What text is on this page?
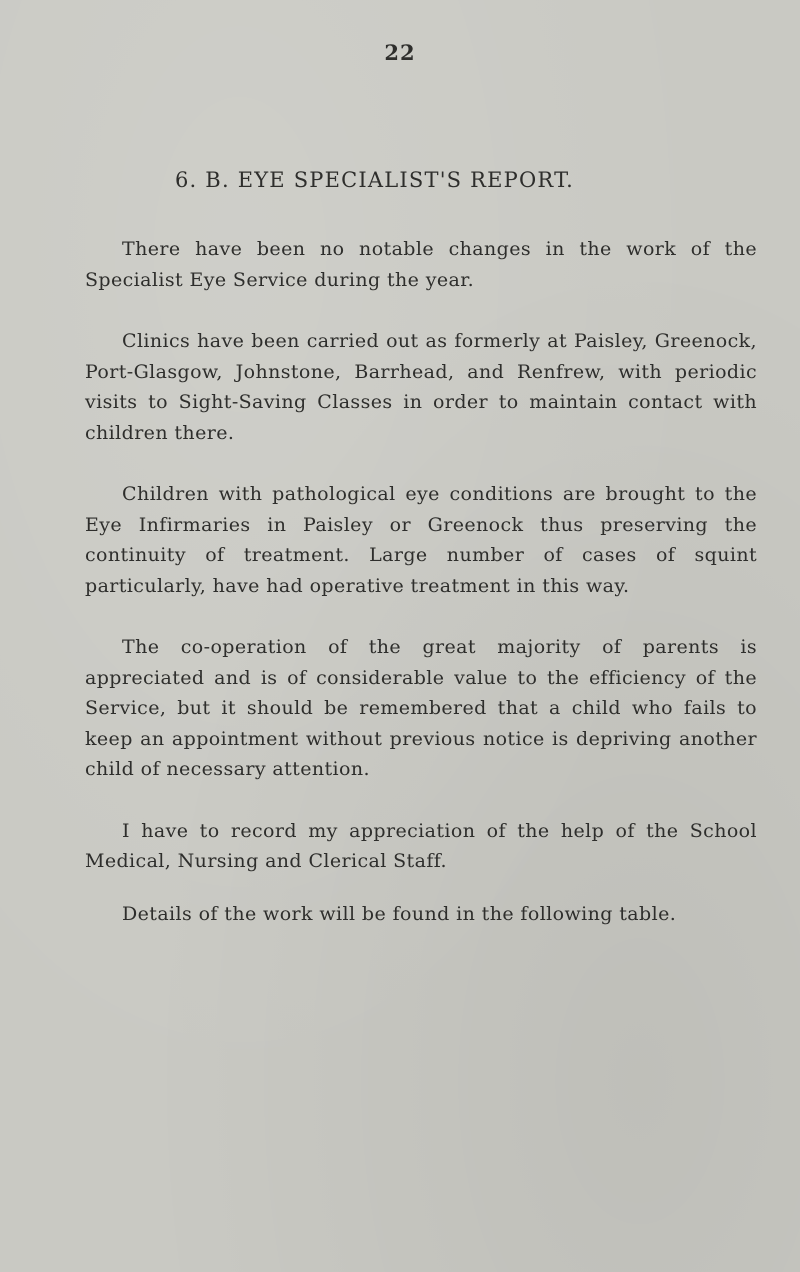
22
6. B. EYE SPECIALIST'S REPORT.

There have been no notable changes in the work of the Specialist Eye Service during the year.

Clinics have been carried out as formerly at Paisley, Greenock, Port-Glasgow, Johnstone, Barrhead, and Renfrew, with periodic visits to Sight-Saving Classes in order to maintain contact with children there.

Children with pathological eye conditions are brought to the Eye Infirmaries in Paisley or Greenock thus preserving the continuity of treatment. Large number of cases of squint particularly, have had operative treatment in this way.

The co-operation of the great majority of parents is appreciated and is of considerable value to the efficiency of the Service, but it should be remembered that a child who fails to keep an appointment without previous notice is depriving another child of necessary attention.

I have to record my appreciation of the help of the School Medical, Nursing and Clerical Staff.

Details of the work will be found in the following table.
